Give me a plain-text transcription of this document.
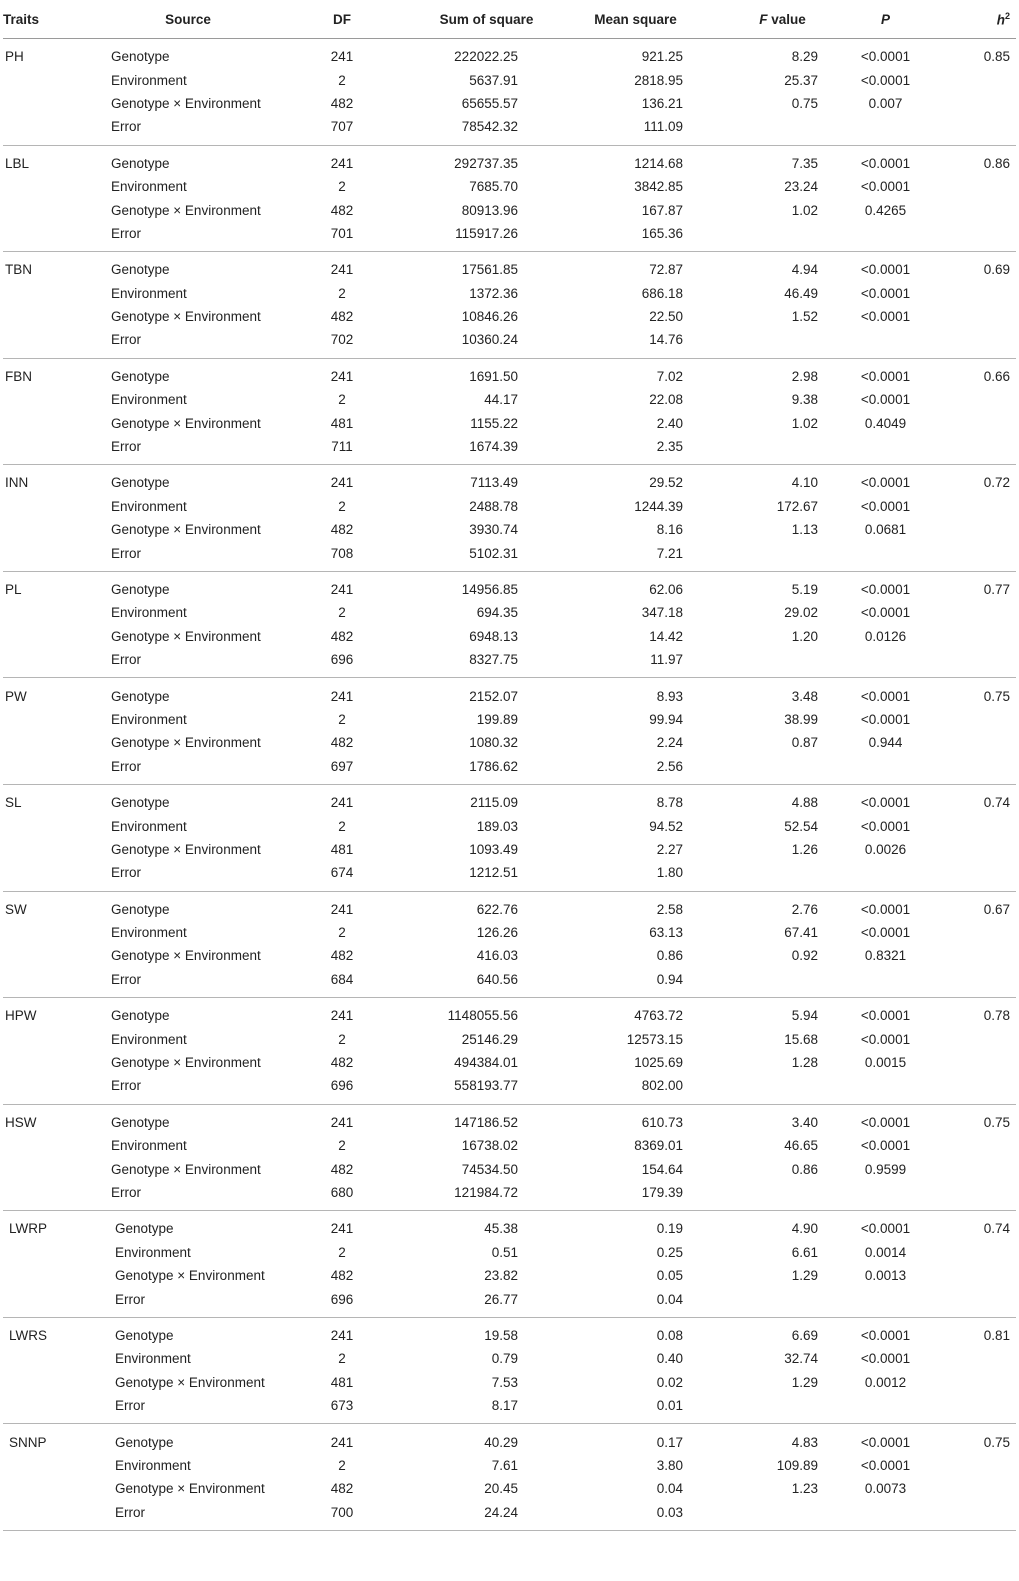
Traits	Source	DF	Sum of square	Mean square	F value	P	$h^2$
PH	Genotype	241	222022.25	921.25	8.29	<0.0001	0.85
	Environment	2	5637.91	2818.95	25.37	<0.0001	
	Genotype × Environment	482	65655.57	136.21	0.75	0.007	
	Error	707	78542.32	111.09			
LBL	Genotype	241	292737.35	1214.68	7.35	<0.0001	0.86
	Environment	2	7685.70	3842.85	23.24	<0.0001	
	Genotype × Environment	482	80913.96	167.87	1.02	0.4265	
	Error	701	115917.26	165.36			
TBN	Genotype	241	17561.85	72.87	4.94	<0.0001	0.69
	Environment	2	1372.36	686.18	46.49	<0.0001	
	Genotype × Environment	482	10846.26	22.50	1.52	<0.0001	
	Error	702	10360.24	14.76			
FBN	Genotype	241	1691.50	7.02	2.98	<0.0001	0.66
	Environment	2	44.17	22.08	9.38	<0.0001	
	Genotype × Environment	481	1155.22	2.40	1.02	0.4049	
	Error	711	1674.39	2.35			
INN	Genotype	241	7113.49	29.52	4.10	<0.0001	0.72
	Environment	2	2488.78	1244.39	172.67	<0.0001	
	Genotype × Environment	482	3930.74	8.16	1.13	0.0681	
	Error	708	5102.31	7.21			
PL	Genotype	241	14956.85	62.06	5.19	<0.0001	0.77
	Environment	2	694.35	347.18	29.02	<0.0001	
	Genotype × Environment	482	6948.13	14.42	1.20	0.0126	
	Error	696	8327.75	11.97			
PW	Genotype	241	2152.07	8.93	3.48	<0.0001	0.75
	Environment	2	199.89	99.94	38.99	<0.0001	
	Genotype × Environment	482	1080.32	2.24	0.87	0.944	
	Error	697	1786.62	2.56			
SL	Genotype	241	2115.09	8.78	4.88	<0.0001	0.74
	Environment	2	189.03	94.52	52.54	<0.0001	
	Genotype × Environment	481	1093.49	2.27	1.26	0.0026	
	Error	674	1212.51	1.80			
SW	Genotype	241	622.76	2.58	2.76	<0.0001	0.67
	Environment	2	126.26	63.13	67.41	<0.0001	
	Genotype × Environment	482	416.03	0.86	0.92	0.8321	
	Error	684	640.56	0.94			
HPW	Genotype	241	1148055.56	4763.72	5.94	<0.0001	0.78
	Environment	2	25146.29	12573.15	15.68	<0.0001	
	Genotype × Environment	482	494384.01	1025.69	1.28	0.0015	
	Error	696	558193.77	802.00			
HSW	Genotype	241	147186.52	610.73	3.40	<0.0001	0.75
	Environment	2	16738.02	8369.01	46.65	<0.0001	
	Genotype × Environment	482	74534.50	154.64	0.86	0.9599	
	Error	680	121984.72	179.39			
LWRP	Genotype	241	45.38	0.19	4.90	<0.0001	0.74
	Environment	2	0.51	0.25	6.61	0.0014	
	Genotype × Environment	482	23.82	0.05	1.29	0.0013	
	Error	696	26.77	0.04			
LWRS	Genotype	241	19.58	0.08	6.69	<0.0001	0.81
	Environment	2	0.79	0.40	32.74	<0.0001	
	Genotype × Environment	481	7.53	0.02	1.29	0.0012	
	Error	673	8.17	0.01			
SNNP	Genotype	241	40.29	0.17	4.83	<0.0001	0.75
	Environment	2	7.61	3.80	109.89	<0.0001	
	Genotype × Environment	482	20.45	0.04	1.23	0.0073	
	Error	700	24.24	0.03			
